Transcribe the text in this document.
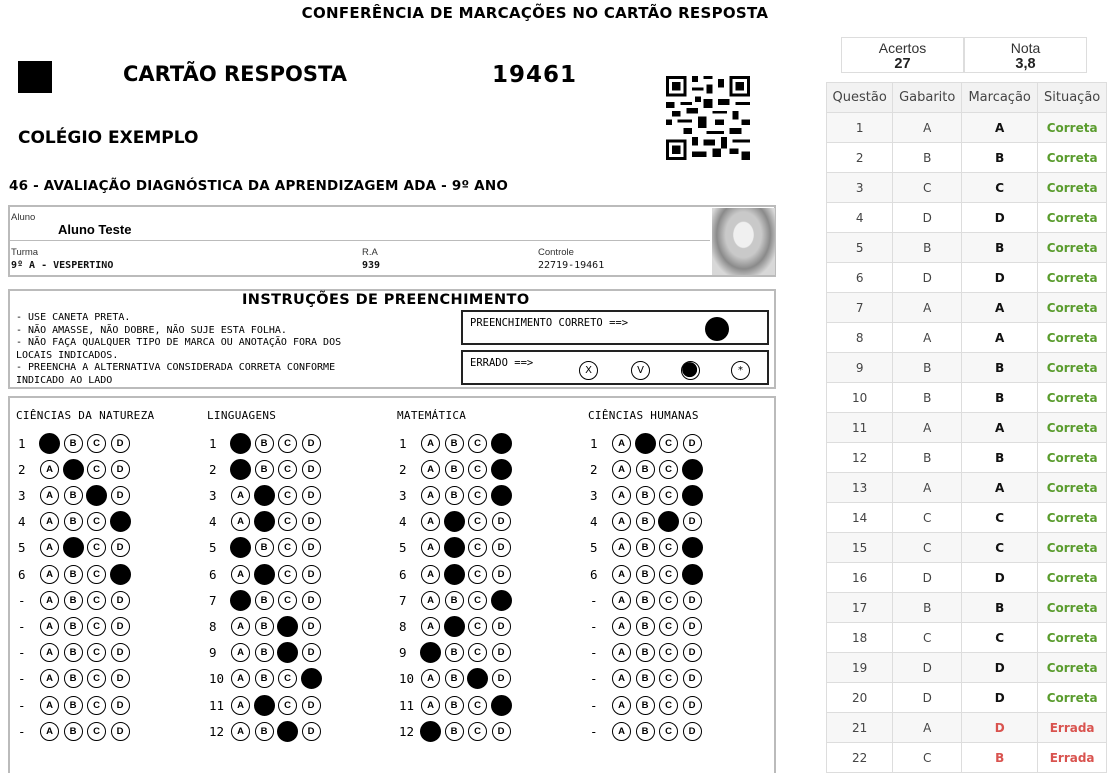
CONFERÊNCIA DE MARCAÇÕES NO CARTÃO RESPOSTA
CARTÃO RESPOSTA	19461
COLÉGIO EXEMPLO
46 - AVALIAÇÃO DIAGNÓSTICA DA APRENDIZAGEM ADA - 9º ANO
Aluno
Aluno Teste
Turma
9º A - VESPERTINO
R.A
939
Controle
22719-19461
INSTRUÇÕES DE PREENCHIMENTO
- USE CANETA PRETA.
- NÃO AMASSE, NÃO DOBRE, NÃO SUJE ESTA FOLHA.
- NÃO FAÇA QUALQUER TIPO DE MARCA OU ANOTAÇÃO FORA DOS
LOCAIS INDICADOS.
- PREENCHA A ALTERNATIVA CONSIDERADA CORRETA CONFORME
INDICADO AO LADO
PREENCHIMENTO CORRETO ==>
ERRADO ==>
X	V	*
CIÊNCIAS DA NATUREZA
1	A	B	C	D
2	A	B	C	D
3	A	B	C	D
4	A	B	C	D
5	A	B	C	D
6	A	B	C	D
-	A	B	C	D
-	A	B	C	D
-	A	B	C	D
-	A	B	C	D
-	A	B	C	D
-	A	B	C	D
LINGUAGENS
1	A	B	C	D
2	A	B	C	D
3	A	B	C	D
4	A	B	C	D
5	A	B	C	D
6	A	B	C	D
7	A	B	C	D
8	A	B	C	D
9	A	B	C	D
10	A	B	C	D
11	A	B	C	D
12	A	B	C	D
MATEMÁTICA
1	A	B	C	D
2	A	B	C	D
3	A	B	C	D
4	A	B	C	D
5	A	B	C	D
6	A	B	C	D
7	A	B	C	D
8	A	B	C	D
9	A	B	C	D
10	A	B	C	D
11	A	B	C	D
12	A	B	C	D
CIÊNCIAS HUMANAS
1	A	B	C	D
2	A	B	C	D
3	A	B	C	D
4	A	B	C	D
5	A	B	C	D
6	A	B	C	D
-	A	B	C	D
-	A	B	C	D
-	A	B	C	D
-	A	B	C	D
-	A	B	C	D
-	A	B	C	D
Acertos
27
Nota
3,8
Questão	Gabarito	Marcação	Situação
1	A	A	Correta
2	B	B	Correta
3	C	C	Correta
4	D	D	Correta
5	B	B	Correta
6	D	D	Correta
7	A	A	Correta
8	A	A	Correta
9	B	B	Correta
10	B	B	Correta
11	A	A	Correta
12	B	B	Correta
13	A	A	Correta
14	C	C	Correta
15	C	C	Correta
16	D	D	Correta
17	B	B	Correta
18	C	C	Correta
19	D	D	Correta
20	D	D	Correta
21	A	D	Errada
22	C	B	Errada
